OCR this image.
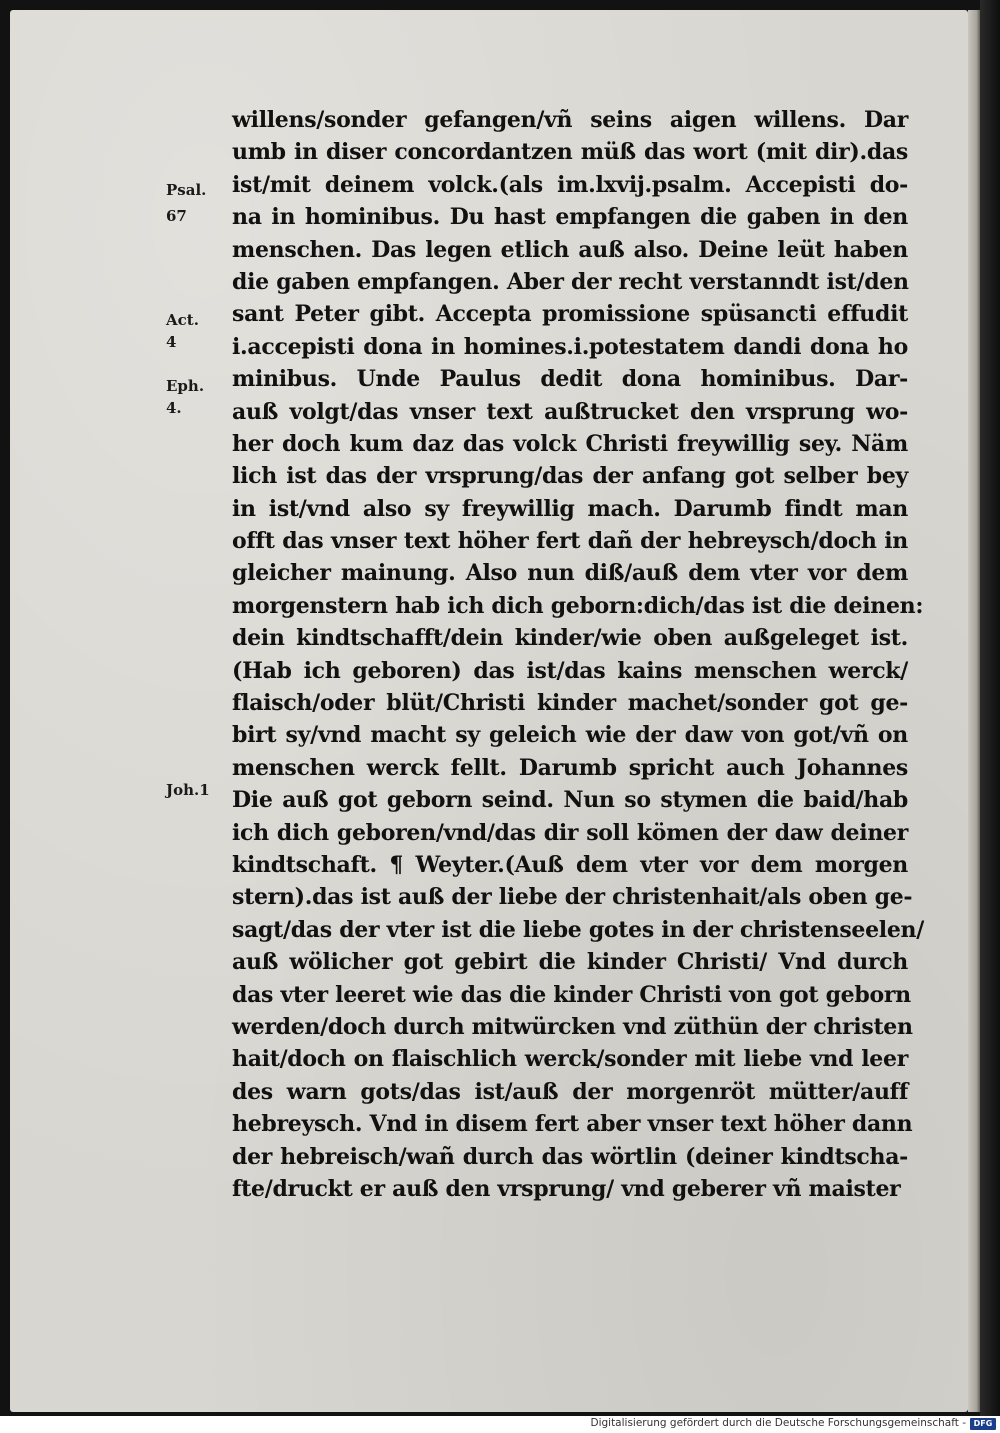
willens/sonder gefangen/vñ seins aigen willens. Dar
umb in diser concordantzen müß das wort (mit dir).das
ist/mit deinem volck.(als im.lxvij.psalm. Accepisti do-
na in hominibus. Du hast empfangen die gaben in den
menschen. Das legen etlich auß also. Deine leüt haben
die gaben empfangen. Aber der recht verstanndt ist/den
sant Peter gibt. Accepta promissione spüsancti effudit
i.accepisti dona in homines.i.potestatem dandi dona ho
minibus. Unde Paulus dedit dona hominibus. Dar-
auß volgt/das vnser text außtrucket den vrsprung wo-
her doch kum daz das volck Christi freywillig sey. Näm
lich ist das der vrsprung/das der anfang got selber bey
in ist/vnd also sy freywillig mach. Darumb findt man
offt das vnser text höher fert dañ der hebreysch/doch in
gleicher mainung. Also nun diß/auß dem vter vor dem
morgenstern hab ich dich geborn:dich/das ist die deinen:
dein kindtschafft/dein kinder/wie oben außgeleget ist.
(Hab ich geboren) das ist/das kains menschen werck/
flaisch/oder blüt/Christi kinder machet/sonder got ge-
birt sy/vnd macht sy geleich wie der daw von got/vñ on
menschen werck fellt. Darumb spricht auch Johannes
Die auß got geborn seind. Nun so stymen die baid/hab
ich dich geboren/vnd/das dir soll kömen der daw deiner
kindtschaft. ¶ Weyter.(Auß dem vter vor dem morgen
stern).das ist auß der liebe der christenhait/als oben ge-
sagt/das der vter ist die liebe gotes in der christenseelen/
auß wölicher got gebirt die kinder Christi/ Vnd durch
das vter leeret wie das die kinder Christi von got geborn
werden/doch durch mitwürcken vnd züthün der christen
hait/doch on flaischlich werck/sonder mit liebe vnd leer
des warn gots/das ist/auß der morgenröt mütter/auff
hebreysch. Vnd in disem fert aber vnser text höher dann
der hebreisch/wañ durch das wörtlin (deiner kindtscha-
fte/druckt er auß den vrsprung/ vnd geberer vñ maister
Psal.
67
Act.
4
Eph.
4.
Joh.1
Digitalisierung gefördert durch die Deutsche Forschungsgemeinschaft - DFG
